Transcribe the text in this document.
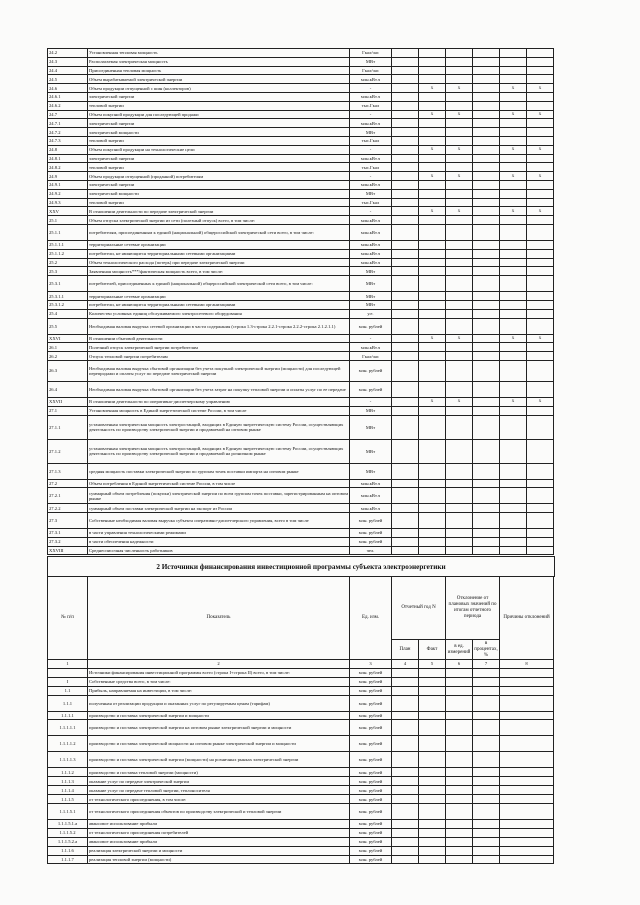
24.2	Установленная тепловая мощность	Гкал/час						
24.3	Располагаемая электрическая мощность	МВт						
24.4	Присоединенная тепловая мощность	Гкал/час						
24.5	Объем вырабатываемой электрической энергии	млн.кВт.ч						
24.6	Объем продукции отпущенной с шин (коллекторов)	-		x	x		x	x
24.6.1	электрической энергии	млн.кВт.ч						
24.6.2	тепловой энергии	тыс.Гкал						
24.7	Объем покупной продукции для последующей продажи	-		x	x		x	x
24.7.1	электрической энергии	млн.кВт.ч						
24.7.2	электрической мощности	МВт						
24.7.3	тепловой энергии	тыс.Гкал						
24.8	Объем покупной продукции на технологические цели	-		x	x		x	x
24.8.1	электрической энергии	млн.кВт.ч						
24.8.2	тепловой энергии	тыс.Гкал						
24.9	Объем продукции отпущенной (проданной) потребителям	-		x	x		x	x
24.9.1	электрической энергии	млн.кВт.ч						
24.9.2	электрической мощности	МВт						
24.9.3	тепловой энергии	тыс.Гкал						
XXV	В отношении деятельности по передаче электрической энергии	-		x	x		x	x
25.1	Объем отпуска электрической энергии из сети (полезный отпуск) всего, в том числе:	млн.кВт.ч						
25.1.1	потребителям, присоединенным к единой (национальной) общероссийской электрической сети всего, в том числе:	млн.кВт.ч						
25.1.1.1	территориальные сетевые организации	млн.кВт.ч						
25.1.1.2	потребители, не являющиеся территориальными сетевыми организациями	млн.кВт.ч						
25.2	Объем технологического расхода (потерь) при передаче электрической энергии	млн.кВт.ч						
25.3	Заявленная мощность***/фактическая мощность всего, в том числе:	МВт						
25.3.1	потребителей, присоединенных к единой (национальной) общероссийской электрической сети всего, в том числе:	МВт						
25.3.1.1	территориальные сетевые организации	МВт						
25.3.1.2	потребители, не являющиеся территориальными сетевыми организациями	МВт						
25.4	Количество условных единиц обслуживаемого электросетевого оборудования	у.е.						
25.5	Необходимая валовая выручка сетевой организации в части содержания (строка 1.3-строка 2.2.1-строка 2.2.2-строка 2.1.2.1.1)	млн. рублей						
XXVI	В отношении сбытовой деятельности	-		x	x		x	x
26.1	Полезный отпуск электрической энергии потребителям	млн.кВт.ч						
26.2	Отпуск тепловой энергии потребителям	Гкал/час						
26.3	Необходимая валовая выручка сбытовой организации без учета покупной электрической энергии (мощности) для последующей перепродажи и оплаты услуг по передаче электрической энергии	млн. рублей						
26.4	Необходимая валовая выручка сбытовой организации без учета затрат на покупку тепловой энергии и оплаты услуг по ее передаче	млн. рублей						
XXVII	В отношении деятельности по оперативно-диспетчерскому управлению	-		x	x		x	x
27.1	Установленная мощность в Единой энергетической системе России, в том числе	МВт						
27.1.1	установленная электрическая мощность электростанций, входящих в Единую энергетическую систему России, осуществляющих деятельность по производству электрической энергии и продаваемой на оптовом рынке	МВт						
27.1.2	установленная электрическая мощность электростанций, входящих в Единую энергетическую систему России, осуществляющих деятельность по производству электрической энергии и продаваемой на розничном рынке	МВт						
27.1.3	средняя мощность поставки электрической энергии по группам точек поставки импорта на оптовом рынке	МВт						
27.2	Объем потребления в Единой энергетической системе России, в том числе	млн.кВт.ч						
27.2.1	суммарный объем потребления (покупки) электрической энергии по всем группам точек поставки, зарегистрированным на оптовом рынке	млн.кВт.ч						
27.2.2	суммарный объем поставки электрической энергии на экспорт из России	млн.кВт.ч						
27.3	Собственные необходимая валовая выручка субъекта оперативно-диспетчерского управления, всего в том числе	млн. рублей						
27.3.1	в части управления технологическими режимами	млн. рублей						
27.3.2	в части обеспечения надежности	млн. рублей						
XXVIII	Среднесписочная численность работников	чел.						
2 Источники финансирования инвестиционной программы субъекта электроэнергетики
№ п/п	Показатель	Ед. изм.	Отчетный год N		Отклонение от плановых значений по итогам отчетного периода		Причины отклонений
			План	Факт	в ед. измерений	в процентах, %	
1	2	3	4	5	6	7	8
	Источники финансирования инвестиционной программы всего (строка I+строка II) всего, в том числе:	млн. рублей					
I	Собственные средства всего, в том числе:	млн. рублей					
1.1	Прибыль, направляемая на инвестиции, в том числе:	млн. рублей					
1.1.1	полученная от реализации продукции и оказанных услуг по регулируемым ценам (тарифам)	млн. рублей					
1.1.1.1	производство и поставка электрической энергии и мощности	млн. рублей					
1.1.1.1.1	производство и поставка электрической энергии на оптовом рынке электрической энергии и мощности	млн. рублей					
1.1.1.1.2	производство и поставка электрической мощности на оптовом рынке электрической энергии и мощности	млн. рублей					
1.1.1.1.3	производство и поставка электрической энергии (мощности) на розничных рынках электрической энергии	млн. рублей					
1.1.1.2	производство и поставка тепловой энергии (мощности)	млн. рублей					
1.1.1.3	оказание услуг по передаче электрической энергии	млн. рублей					
1.1.1.4	оказание услуг по передаче тепловой энергии, теплоносителя	млн. рублей					
1.1.1.5	от технологического присоединения, в том числе:	млн. рублей					
1.1.1.5.1	от технологического присоединения объектов по производству электрической и тепловой энергии	млн. рублей					
1.1.1.5.1.a	авансовое использование прибыли	млн. рублей					
1.1.1.5.2	от технологического присоединения потребителей	млн. рублей					
1.1.1.5.2.a	авансовое использование прибыли	млн. рублей					
1.1.1.6	реализация электрической энергии и мощности	млн. рублей					
1.1.1.7	реализация тепловой энергии (мощности)	млн. рублей					
